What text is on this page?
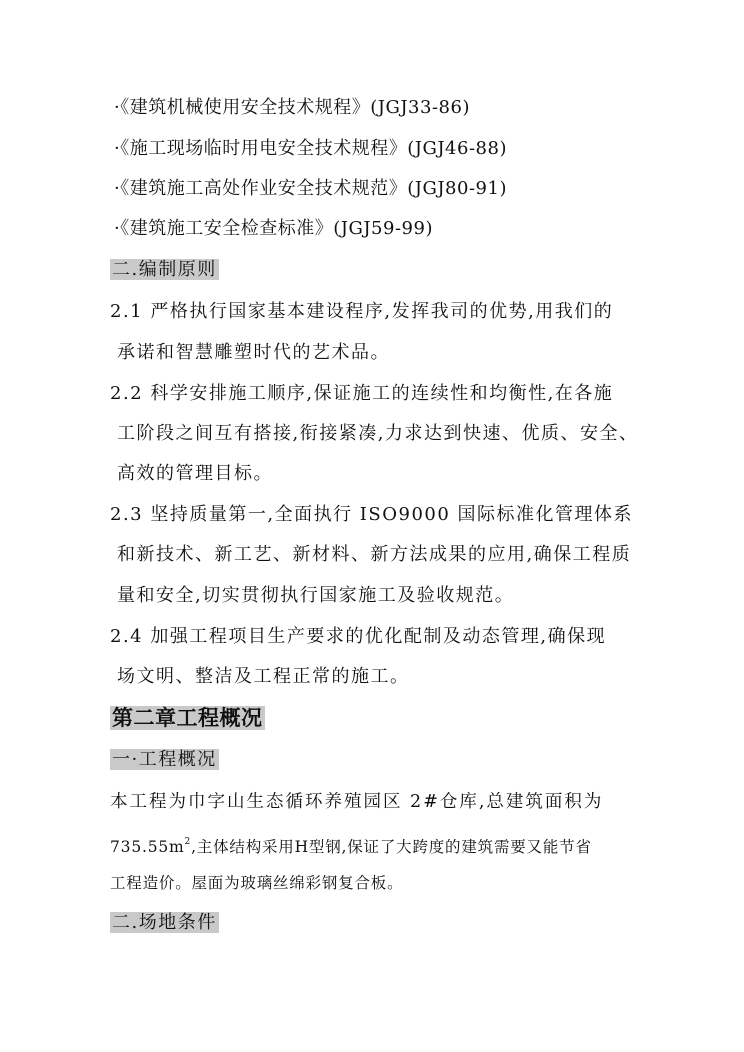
·《建筑机械使用安全技术规程》(JGJ33-86)
·《施工现场临时用电安全技术规程》(JGJ46-88)
·《建筑施工高处作业安全技术规范》(JGJ80-91)
·《建筑施工安全检查标准》(JGJ59-99)
二.编制原则
2.1 严格执行国家基本建设程序,发挥我司的优势,用我们的
承诺和智慧雕塑时代的艺术品。
2.2 科学安排施工顺序,保证施工的连续性和均衡性,在各施
工阶段之间互有搭接,衔接紧凑,力求达到快速、优质、安全、
高效的管理目标。
2.3 坚持质量第一,全面执行 ISO9000 国际标准化管理体系
和新技术、新工艺、新材料、新方法成果的应用,确保工程质
量和安全,切实贯彻执行国家施工及验收规范。
2.4 加强工程项目生产要求的优化配制及动态管理,确保现
场文明、整洁及工程正常的施工。
第二章工程概况
一·工程概况
本工程为巾字山生态循环养殖园区 2#仓库,总建筑面积为
$735.55m^2$,主体结构采用H型钢,保证了大跨度的建筑需要又能节省
工程造价。屋面为玻璃丝绵彩钢复合板。
二.场地条件
